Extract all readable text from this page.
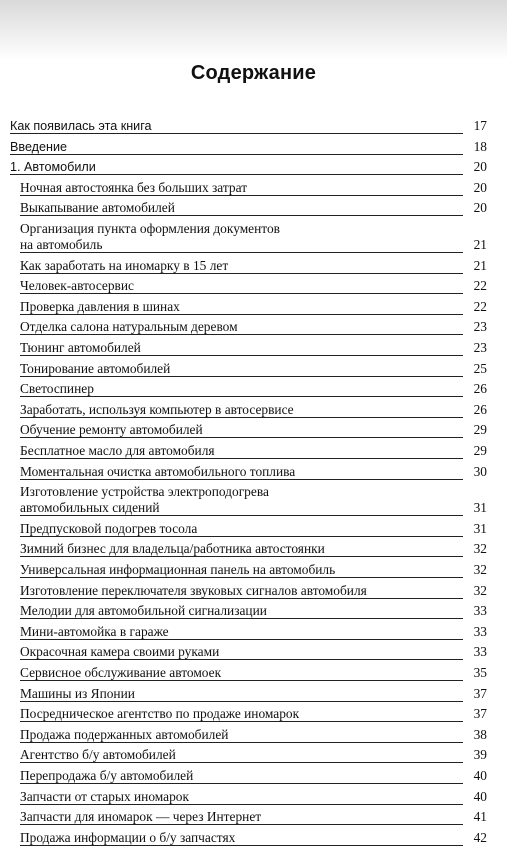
Содержание
Как появилась эта книга	17
Введение	18
1. Автомобили	20
Ночная автостоянка без больших затрат	20
Выкапывание автомобилей	20
Организация пункта оформления документов
на автомобиль	21
Как заработать на иномарку в 15 лет	21
Человек-автосервис	22
Проверка давления в шинах	22
Отделка салона натуральным деревом	23
Тюнинг автомобилей	23
Тонирование автомобилей	25
Светоспинер	26
Заработать, используя компьютер в автосервисе	26
Обучение ремонту автомобилей	29
Бесплатное масло для автомобиля	29
Моментальная очистка автомобильного топлива	30
Изготовление устройства электроподогрева
автомобильных сидений	31
Предпусковой подогрев тосола	31
Зимний бизнес для владельца/работника автостоянки	32
Универсальная информационная панель на автомобиль	32
Изготовление переключателя звуковых сигналов автомобиля	32
Мелодии для автомобильной сигнализации	33
Мини-автомойка в гараже	33
Окрасочная камера своими руками	33
Сервисное обслуживание автомоек	35
Машины из Японии	37
Посредническое агентство по продаже иномарок	37
Продажа подержанных автомобилей	38
Агентство б/у автомобилей	39
Перепродажа б/у автомобилей	40
Запчасти от старых иномарок	40
Запчасти для иномарок — через Интернет	41
Продажа информации о б/у запчастях	42
